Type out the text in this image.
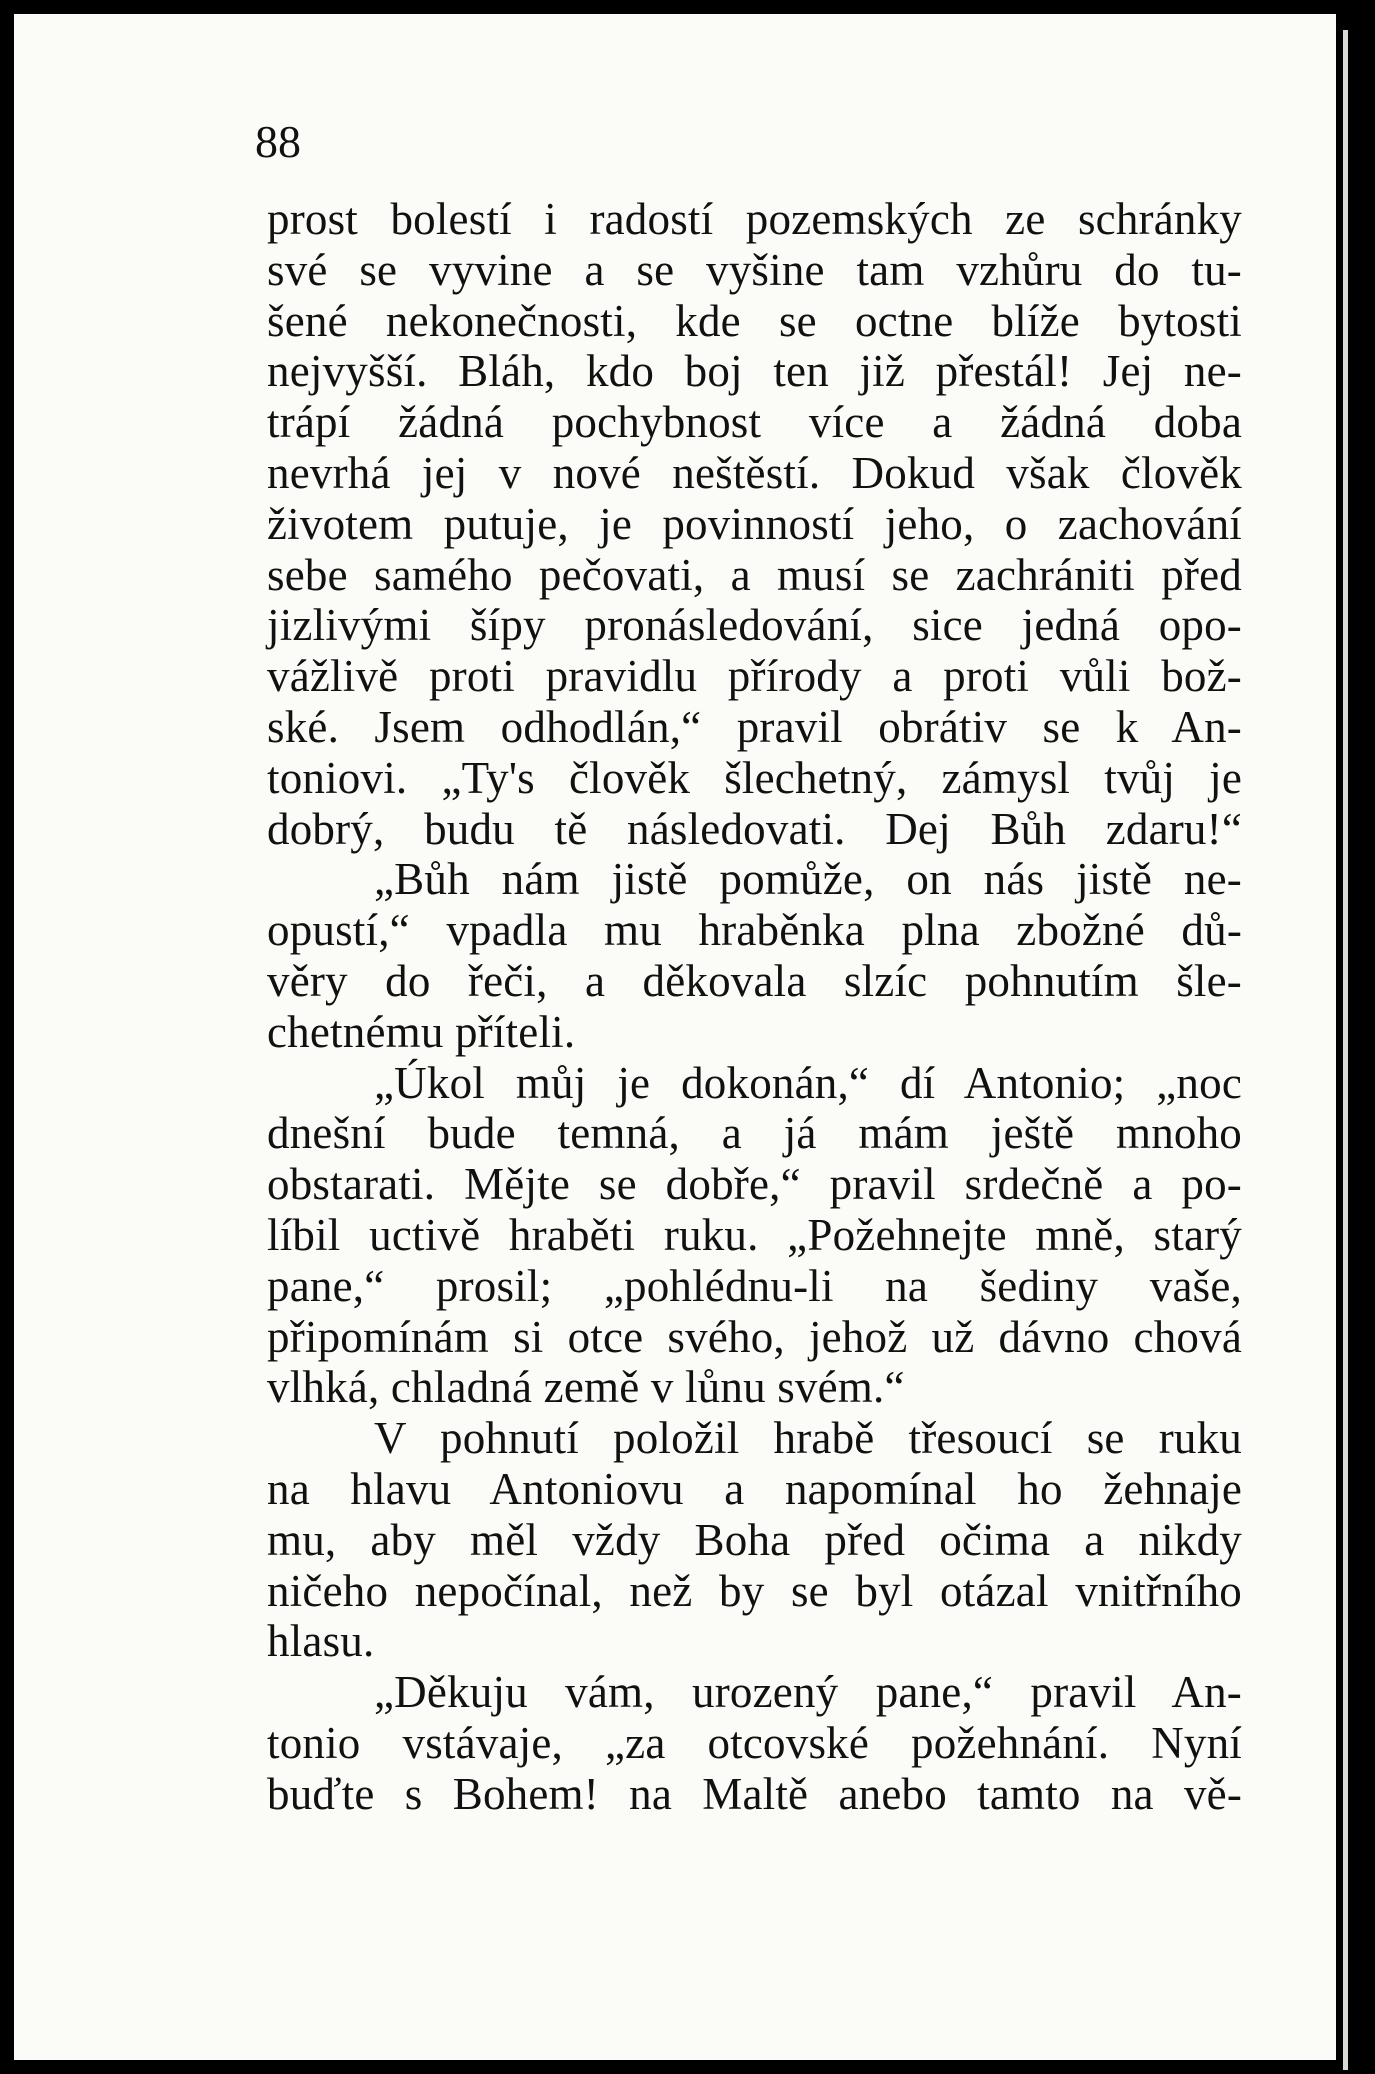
88
prost bolestí i radostí pozemských ze schránky
své se vyvine a se vyšine tam vzhůru do tu-
šené nekonečnosti, kde se octne blíže bytosti
nejvyšší. Bláh, kdo boj ten již přestál! Jej ne-
trápí žádná pochybnost více a žádná doba
nevrhá jej v nové neštěstí. Dokud však člověk
životem putuje, je povinností jeho, o zachování
sebe samého pečovati, a musí se zachrániti před
jizlivými šípy pronásledování, sice jedná opo-
vážlivě proti pravidlu přírody a proti vůli bož-
ské. Jsem odhodlán,“ pravil obrátiv se k An-
toniovi. „Ty's člověk šlechetný, zámysl tvůj je
dobrý, budu tě následovati. Dej Bůh zdaru!“
„Bůh nám jistě pomůže, on nás jistě ne-
opustí,“ vpadla mu hraběnka plna zbožné dů-
věry do řeči, a děkovala slzíc pohnutím šle-
chetnému příteli.
„Úkol můj je dokonán,“ dí Antonio; „noc
dnešní bude temná, a já mám ještě mnoho
obstarati. Mějte se dobře,“ pravil srdečně a po-
líbil uctivě hraběti ruku. „Požehnejte mně, starý
pane,“ prosil; „pohlédnu-li na šediny vaše,
připomínám si otce svého, jehož už dávno chová
vlhká, chladná země v lůnu svém.“
V pohnutí položil hrabě třesoucí se ruku
na hlavu Antoniovu a napomínal ho žehnaje
mu, aby měl vždy Boha před očima a nikdy
ničeho nepočínal, než by se byl otázal vnitřního
hlasu.
„Děkuju vám, urozený pane,“ pravil An-
tonio vstávaje, „za otcovské požehnání. Nyní
buďte s Bohem! na Maltě anebo tamto na vě-
